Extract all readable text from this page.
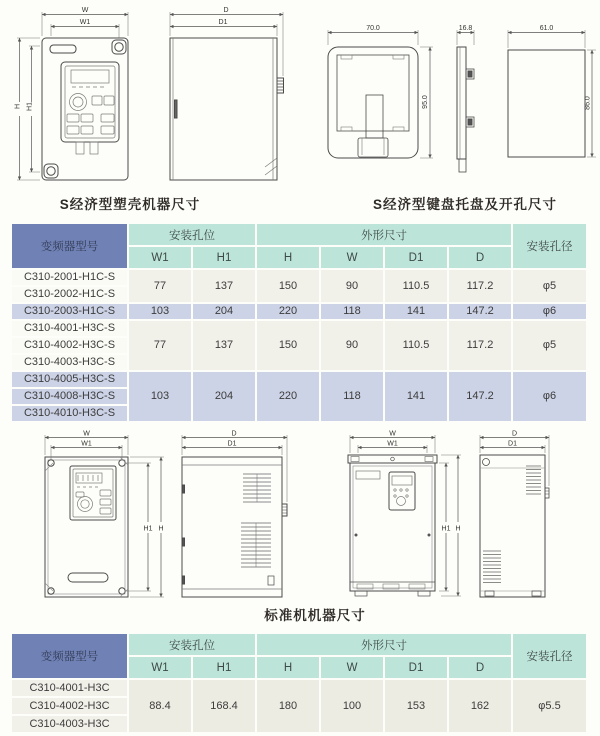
W
W1
H H1
D
D1
70.0	16.8	61.0
95.0	86.0
S经济型塑壳机器尺寸	S经济型键盘托盘及开孔尺寸
变频器型号	安装孔位		外形尺寸				安装孔径
	W1	H1	H	W	D1	D	
C310-2001-H1C-S	77	137	150	90	110.5	117.2	φ5
C310-2002-H1C-S							
C310-2003-H1C-S	103	204	220	118	141	147.2	φ6
C310-4001-H3C-S	77	137	150	90	110.5	117.2	φ5
C310-4002-H3C-S							
C310-4003-H3C-S							
C310-4005-H3C-S	103	204	220	118	141	147.2	φ6
C310-4008-H3C-S							
C310-4010-H3C-S							
W
W1
H1 H
D
D1
W
W1
H1 H
D
D1
标准机机器尺寸
变频器型号	安装孔位		外形尺寸				安装孔径
	W1	H1	H	W	D1	D	
C310-4001-H3C	88.4	168.4	180	100	153	162	φ5.5
C310-4002-H3C							
C310-4003-H3C							
